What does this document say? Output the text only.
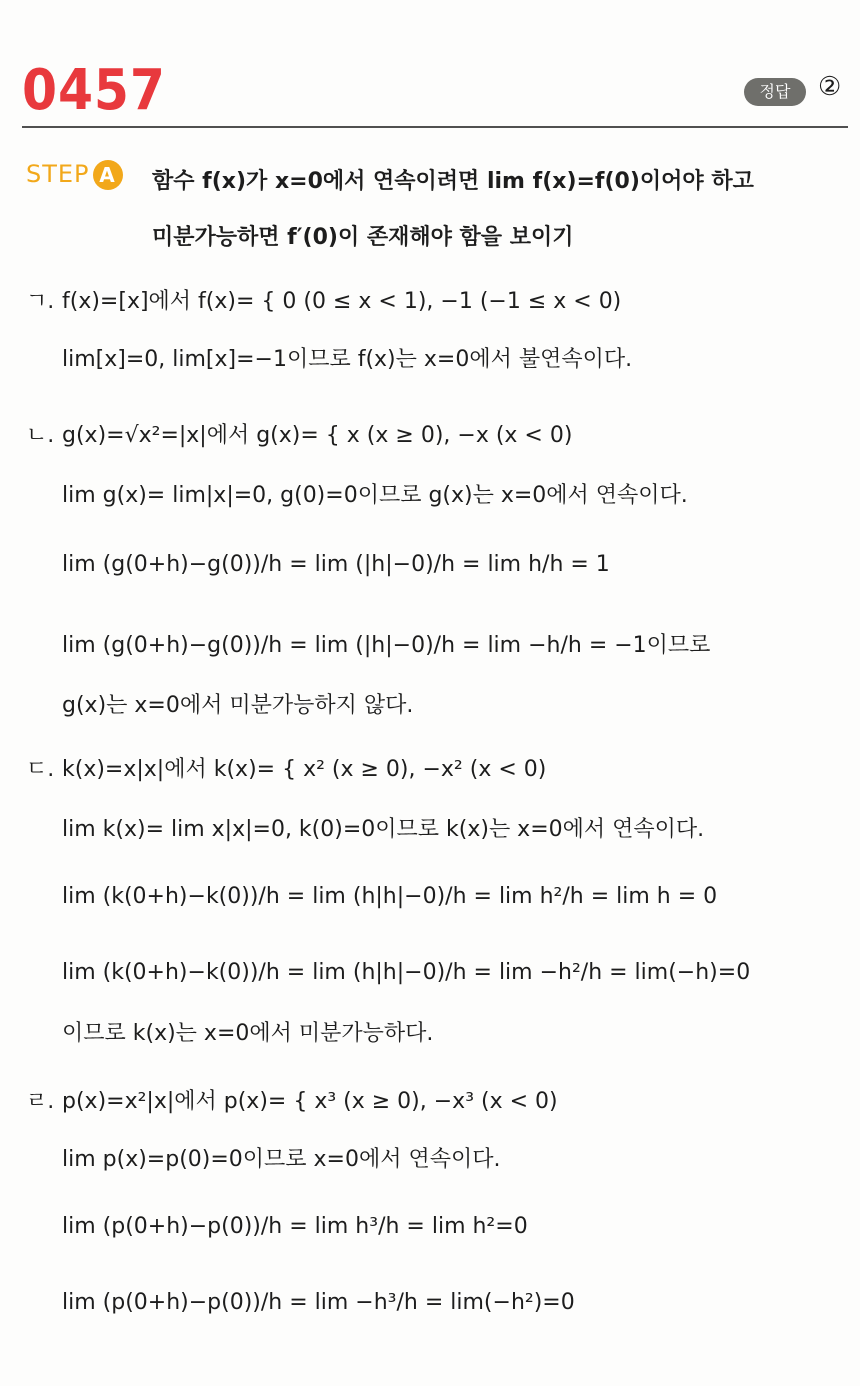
0457	정답	②
STEP A	함수 f(x)가 x=0에서 연속이려면 lim f(x)=f(0)이어야 하고
미분가능하면 f′(0)이 존재해야 함을 보이기
ㄱ. f(x)=[x]에서 f(x)= { 0 (0 ≤ x < 1), −1 (−1 ≤ x < 0)
lim[x]=0, lim[x]=−1이므로 f(x)는 x=0에서 불연속이다.
ㄴ. g(x)=√x²=|x|에서 g(x)= { x (x ≥ 0), −x (x < 0)
lim g(x)= lim|x|=0, g(0)=0이므로 g(x)는 x=0에서 연속이다.
lim (g(0+h)−g(0))/h = lim (|h|−0)/h = lim h/h = 1
lim (g(0+h)−g(0))/h = lim (|h|−0)/h = lim −h/h = −1이므로
g(x)는 x=0에서 미분가능하지 않다.
ㄷ. k(x)=x|x|에서 k(x)= { x² (x ≥ 0), −x² (x < 0)
lim k(x)= lim x|x|=0, k(0)=0이므로 k(x)는 x=0에서 연속이다.
lim (k(0+h)−k(0))/h = lim (h|h|−0)/h = lim h²/h = lim h = 0
lim (k(0+h)−k(0))/h = lim (h|h|−0)/h = lim −h²/h = lim(−h)=0
이므로 k(x)는 x=0에서 미분가능하다.
ㄹ. p(x)=x²|x|에서 p(x)= { x³ (x ≥ 0), −x³ (x < 0)
lim p(x)=p(0)=0이므로 x=0에서 연속이다.
lim (p(0+h)−p(0))/h = lim h³/h = lim h²=0
lim (p(0+h)−p(0))/h = lim −h³/h = lim(−h²)=0
